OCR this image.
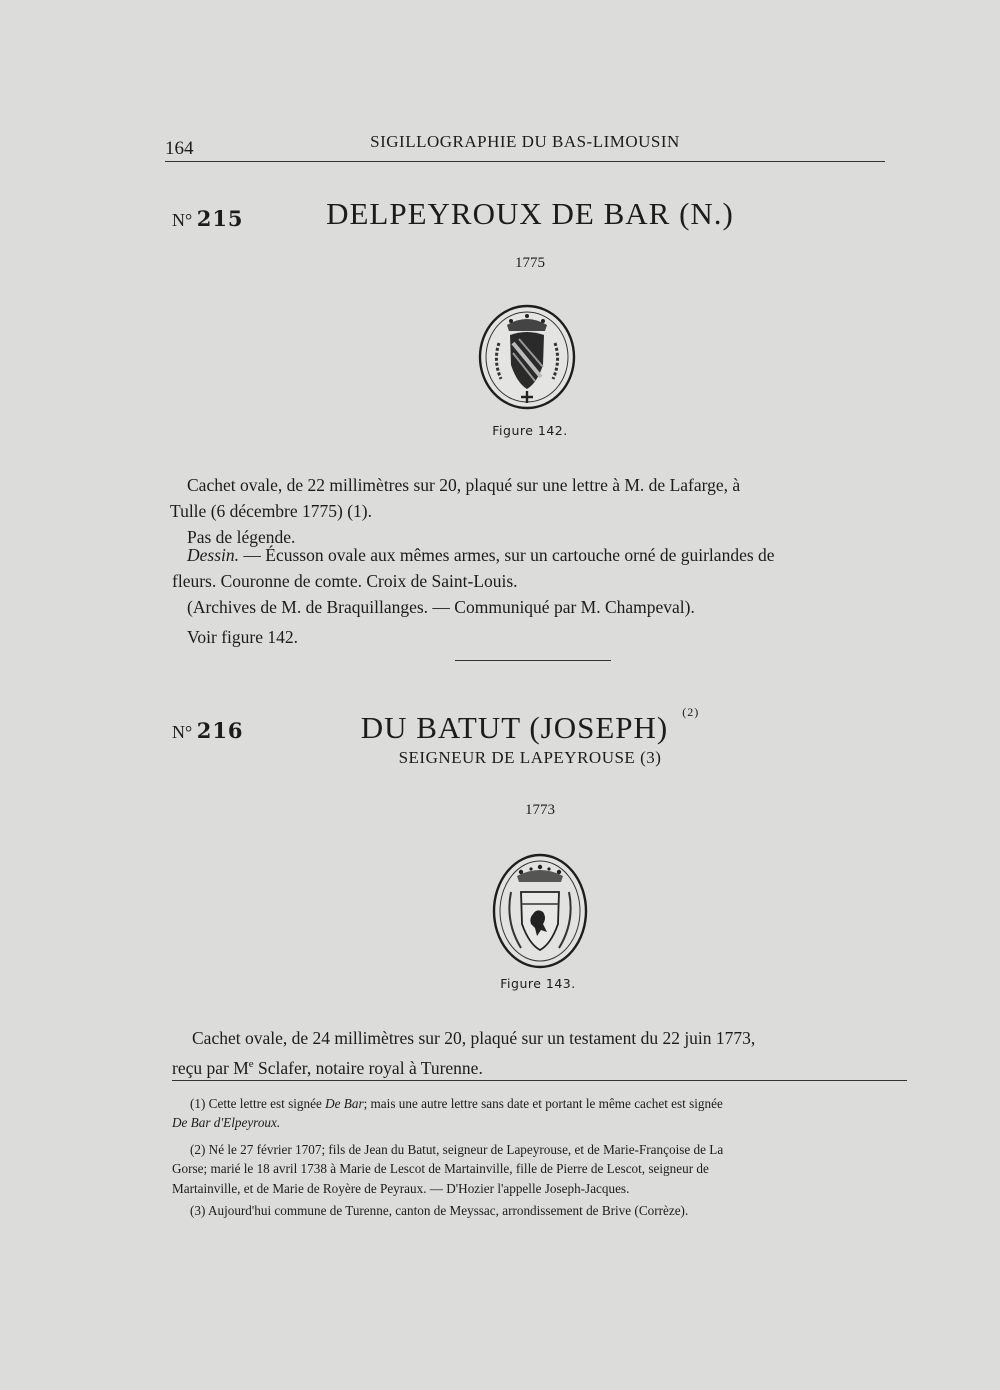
164	SIGILLOGRAPHIE DU BAS-LIMOUSIN
N° 215	DELPEYROUX DE BAR (N.)
1775
Figure 142.
Cachet ovale, de 22 millimètres sur 20, plaqué sur une lettre à M. de Lafarge, à
Tulle (6 décembre 1775) (1).
Pas de légende.
Dessin. — Écusson ovale aux mêmes armes, sur un cartouche orné de guirlandes de
fleurs. Couronne de comte. Croix de Saint-Louis.
(Archives de M. de Braquillanges. — Communiqué par M. Champeval).
Voir figure 142.
N° 216	DU BATUT (JOSEPH) $^{(2)}$
SEIGNEUR DE LAPEYROUSE (3)
1773
Figure 143.
Cachet ovale, de 24 millimètres sur 20, plaqué sur un testament du 22 juin 1773,
reçu par Me Sclafer, notaire royal à Turenne.
(1) Cette lettre est signée De Bar; mais une autre lettre sans date et portant le même cachet est signée
De Bar d'Elpeyroux.
(2) Né le 27 février 1707; fils de Jean du Batut, seigneur de Lapeyrouse, et de Marie-Françoise de La
Gorse; marié le 18 avril 1738 à Marie de Lescot de Martainville, fille de Pierre de Lescot, seigneur de
Martainville, et de Marie de Royère de Peyraux. — D'Hozier l'appelle Joseph-Jacques.
(3) Aujourd'hui commune de Turenne, canton de Meyssac, arrondissement de Brive (Corrèze).
